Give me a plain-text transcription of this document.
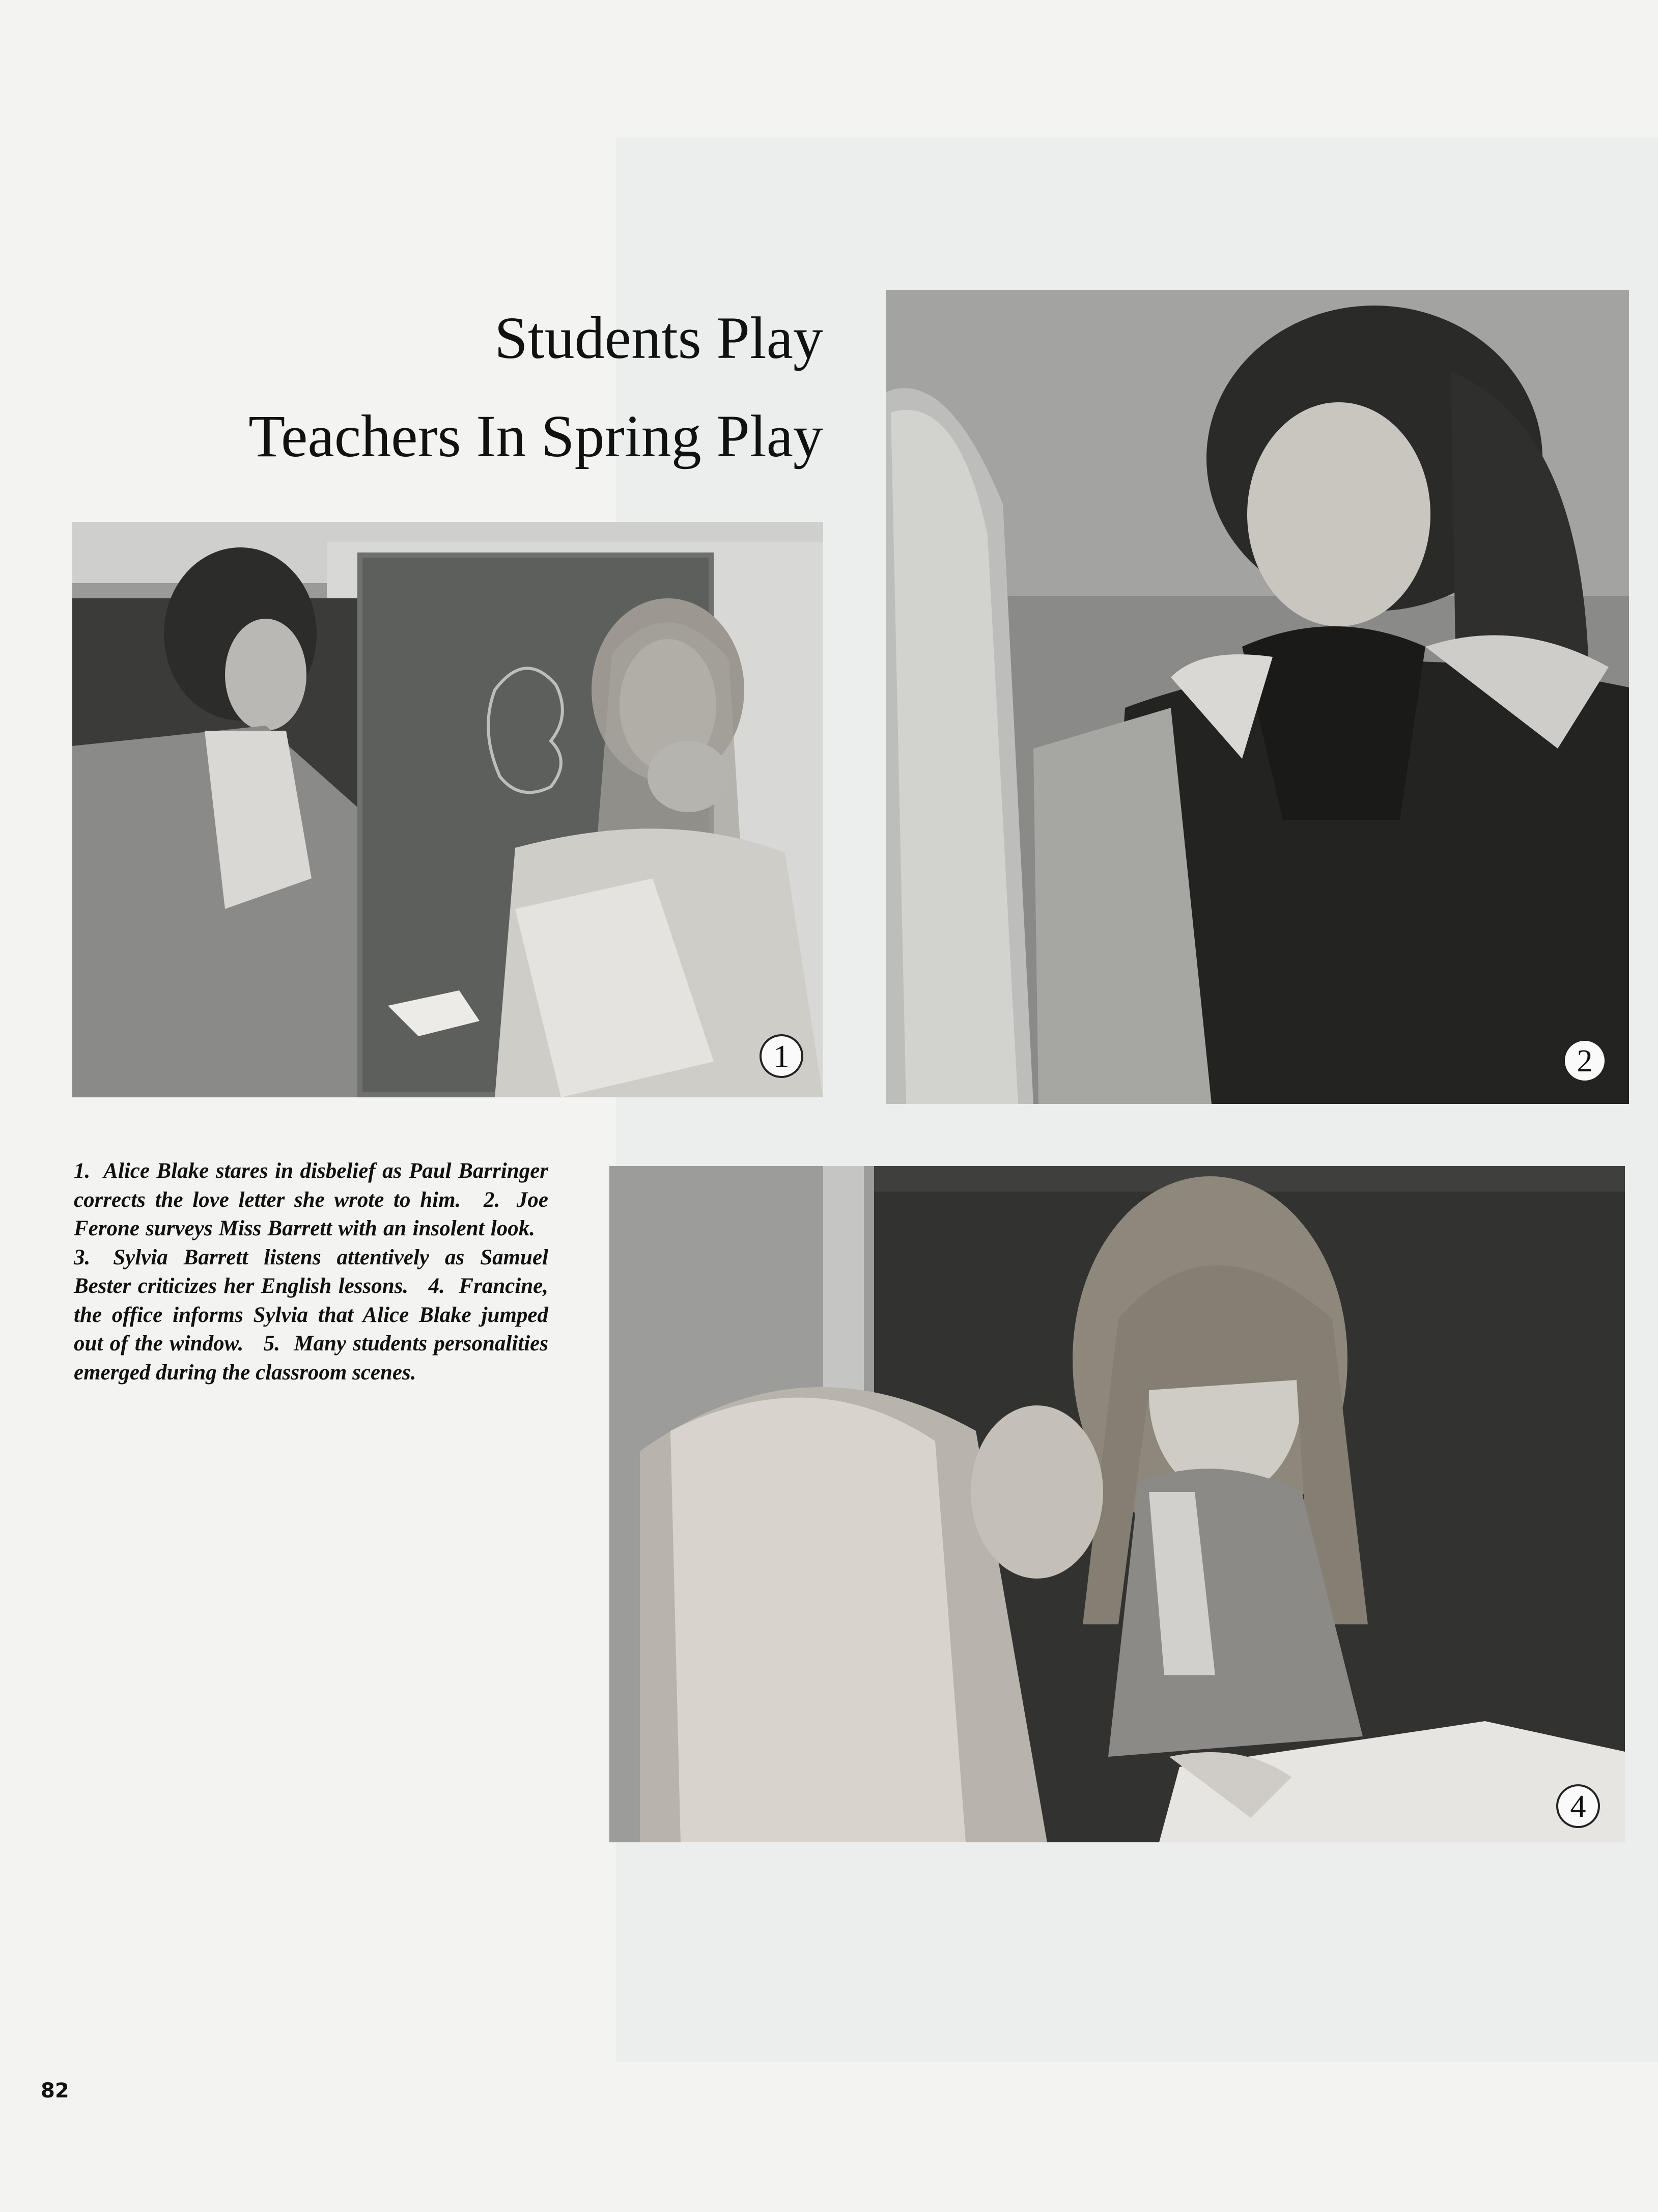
Students Play
Teachers In Spring Play
1	2
4
1. Alice Blake stares in disbelief as Paul Barringer corrects the love letter she wrote to him. 2. Joe Ferone surveys Miss Barrett with an insolent look. 3. Sylvia Barrett listens attentively as Samuel Bester criticizes her English lessons. 4. Francine, the office informs Sylvia that Alice Blake jumped out of the window. 5. Many students personalities emerged during the classroom scenes.
82
